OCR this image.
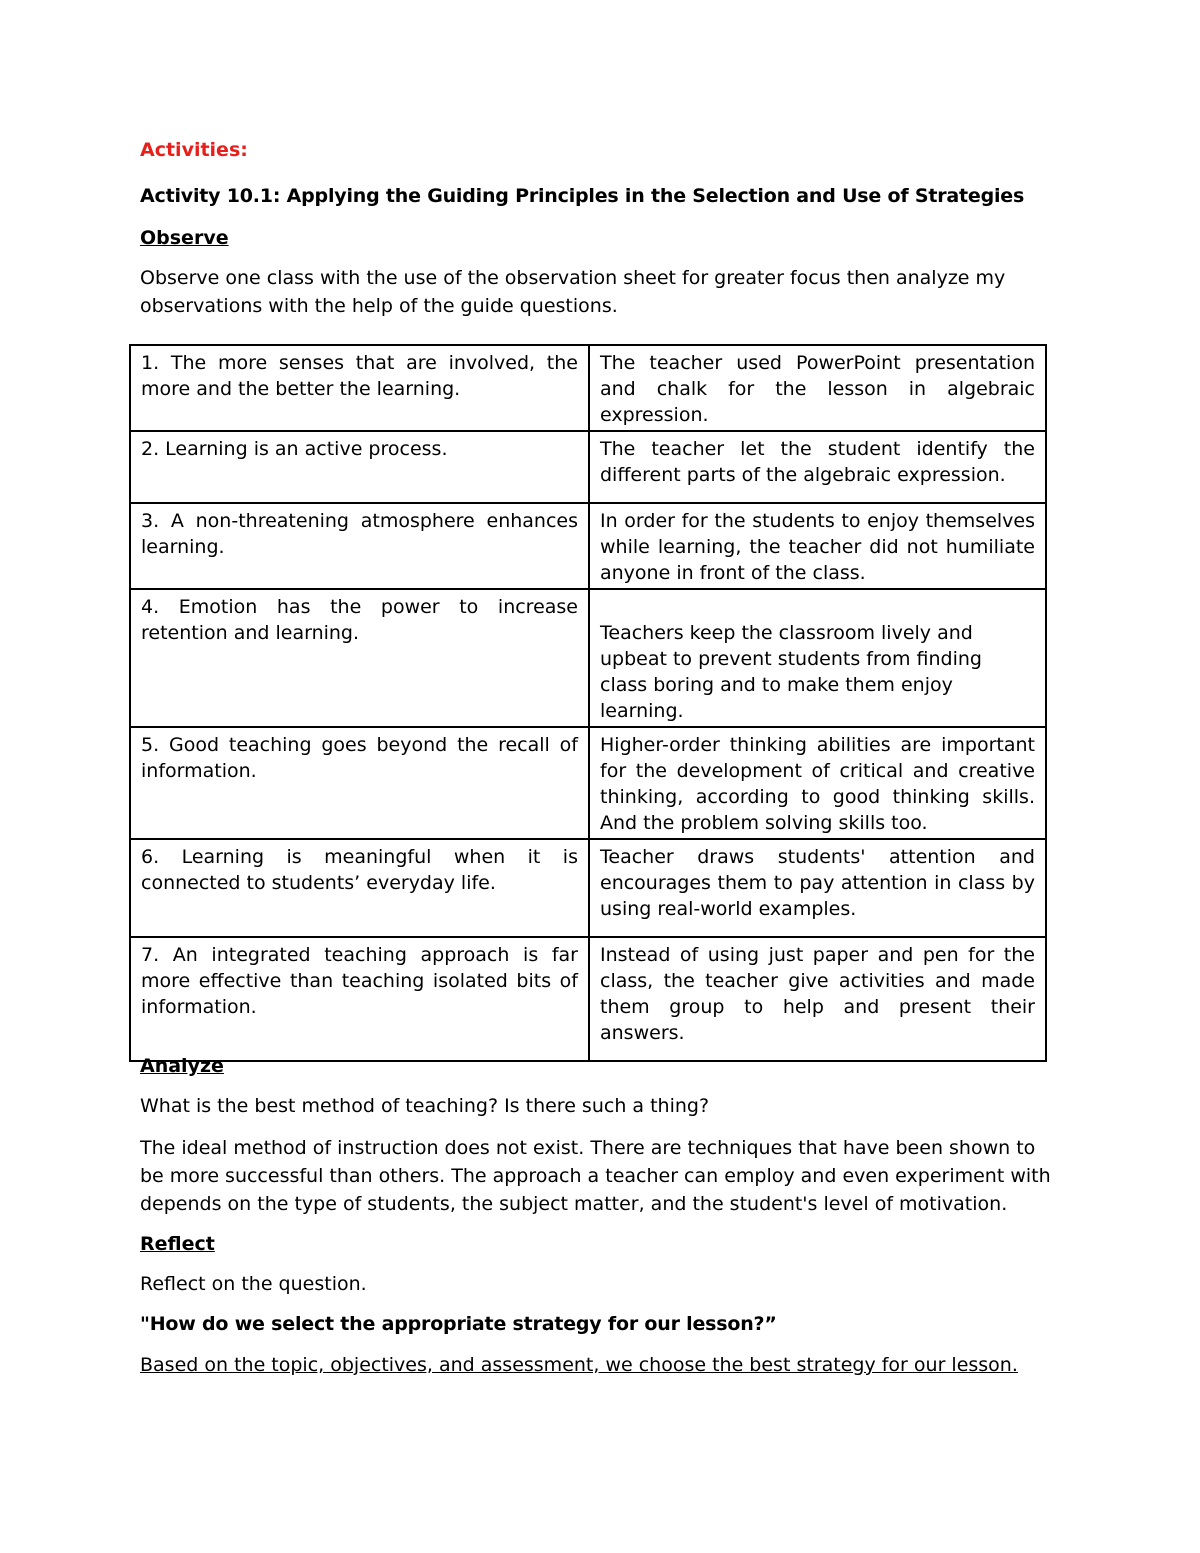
Activities:

Activity 10.1: Applying the Guiding Principles in the Selection and Use of Strategies

Observe

Observe one class with the use of the observation sheet for greater focus then analyze my observations with the help of the guide questions.

1. The more senses that are involved, the more and the better the learning.	The teacher used PowerPoint presentation and chalk for the lesson in algebraic expression.
2. Learning is an active process.	The teacher let the student identify the different parts of the algebraic expression.
3. A non-threatening atmosphere enhances learning.	In order for the students to enjoy themselves while learning, the teacher did not humiliate anyone in front of the class.
4. Emotion has the power to increase retention and learning.	Teachers keep the classroom lively and upbeat to prevent students from finding class boring and to make them enjoy learning.
5. Good teaching goes beyond the recall of information.	Higher-order thinking abilities are important for the development of critical and creative thinking, according to good thinking skills. And the problem solving skills too.
6. Learning is meaningful when it is connected to students’ everyday life.	Teacher draws students' attention and encourages them to pay attention in class by using real-world examples.
7. An integrated teaching approach is far more effective than teaching isolated bits of information.	Instead of using just paper and pen for the class, the teacher give activities and made them group to help and present their answers.

Analyze

What is the best method of teaching? Is there such a thing?

The ideal method of instruction does not exist. There are techniques that have been shown to be more successful than others. The approach a teacher can employ and even experiment with depends on the type of students, the subject matter, and the student's level of motivation.

Reflect

Reflect on the question.

"How do we select the appropriate strategy for our lesson?”

Based on the topic, objectives, and assessment, we choose the best strategy for our lesson.
